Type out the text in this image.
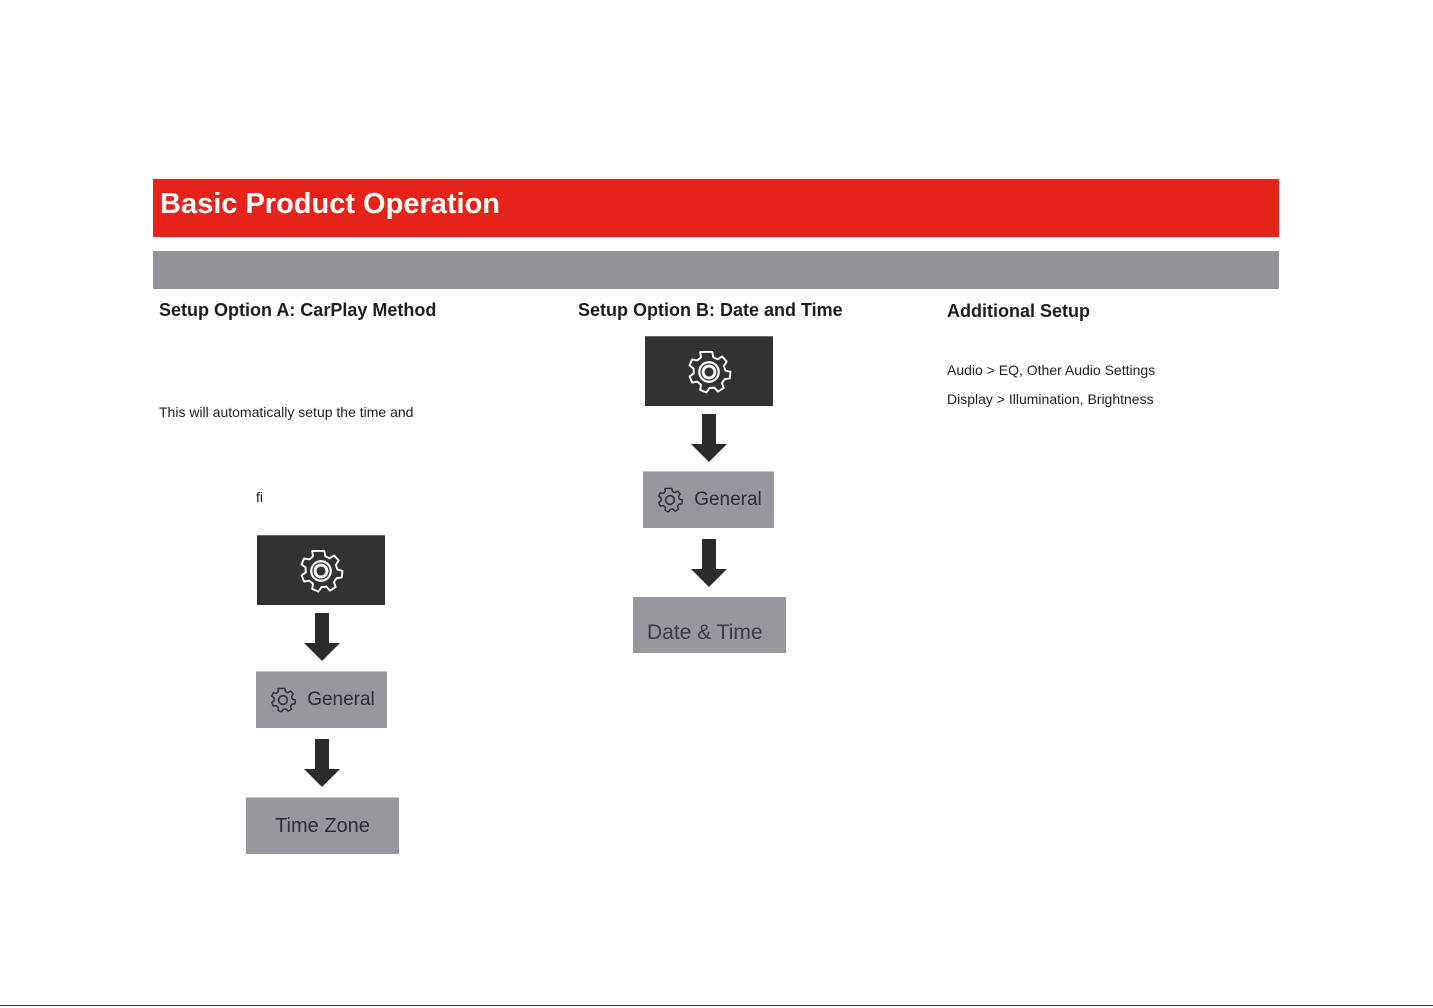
Basic Product Operation
Setup Option A: CarPlay Method
This will automatically setup the time and
fi
General
Time Zone
Setup Option B: Date and Time
General
Date & Time
Additional Setup
Audio > EQ, Other Audio Settings
Display > Illumination, Brightness
